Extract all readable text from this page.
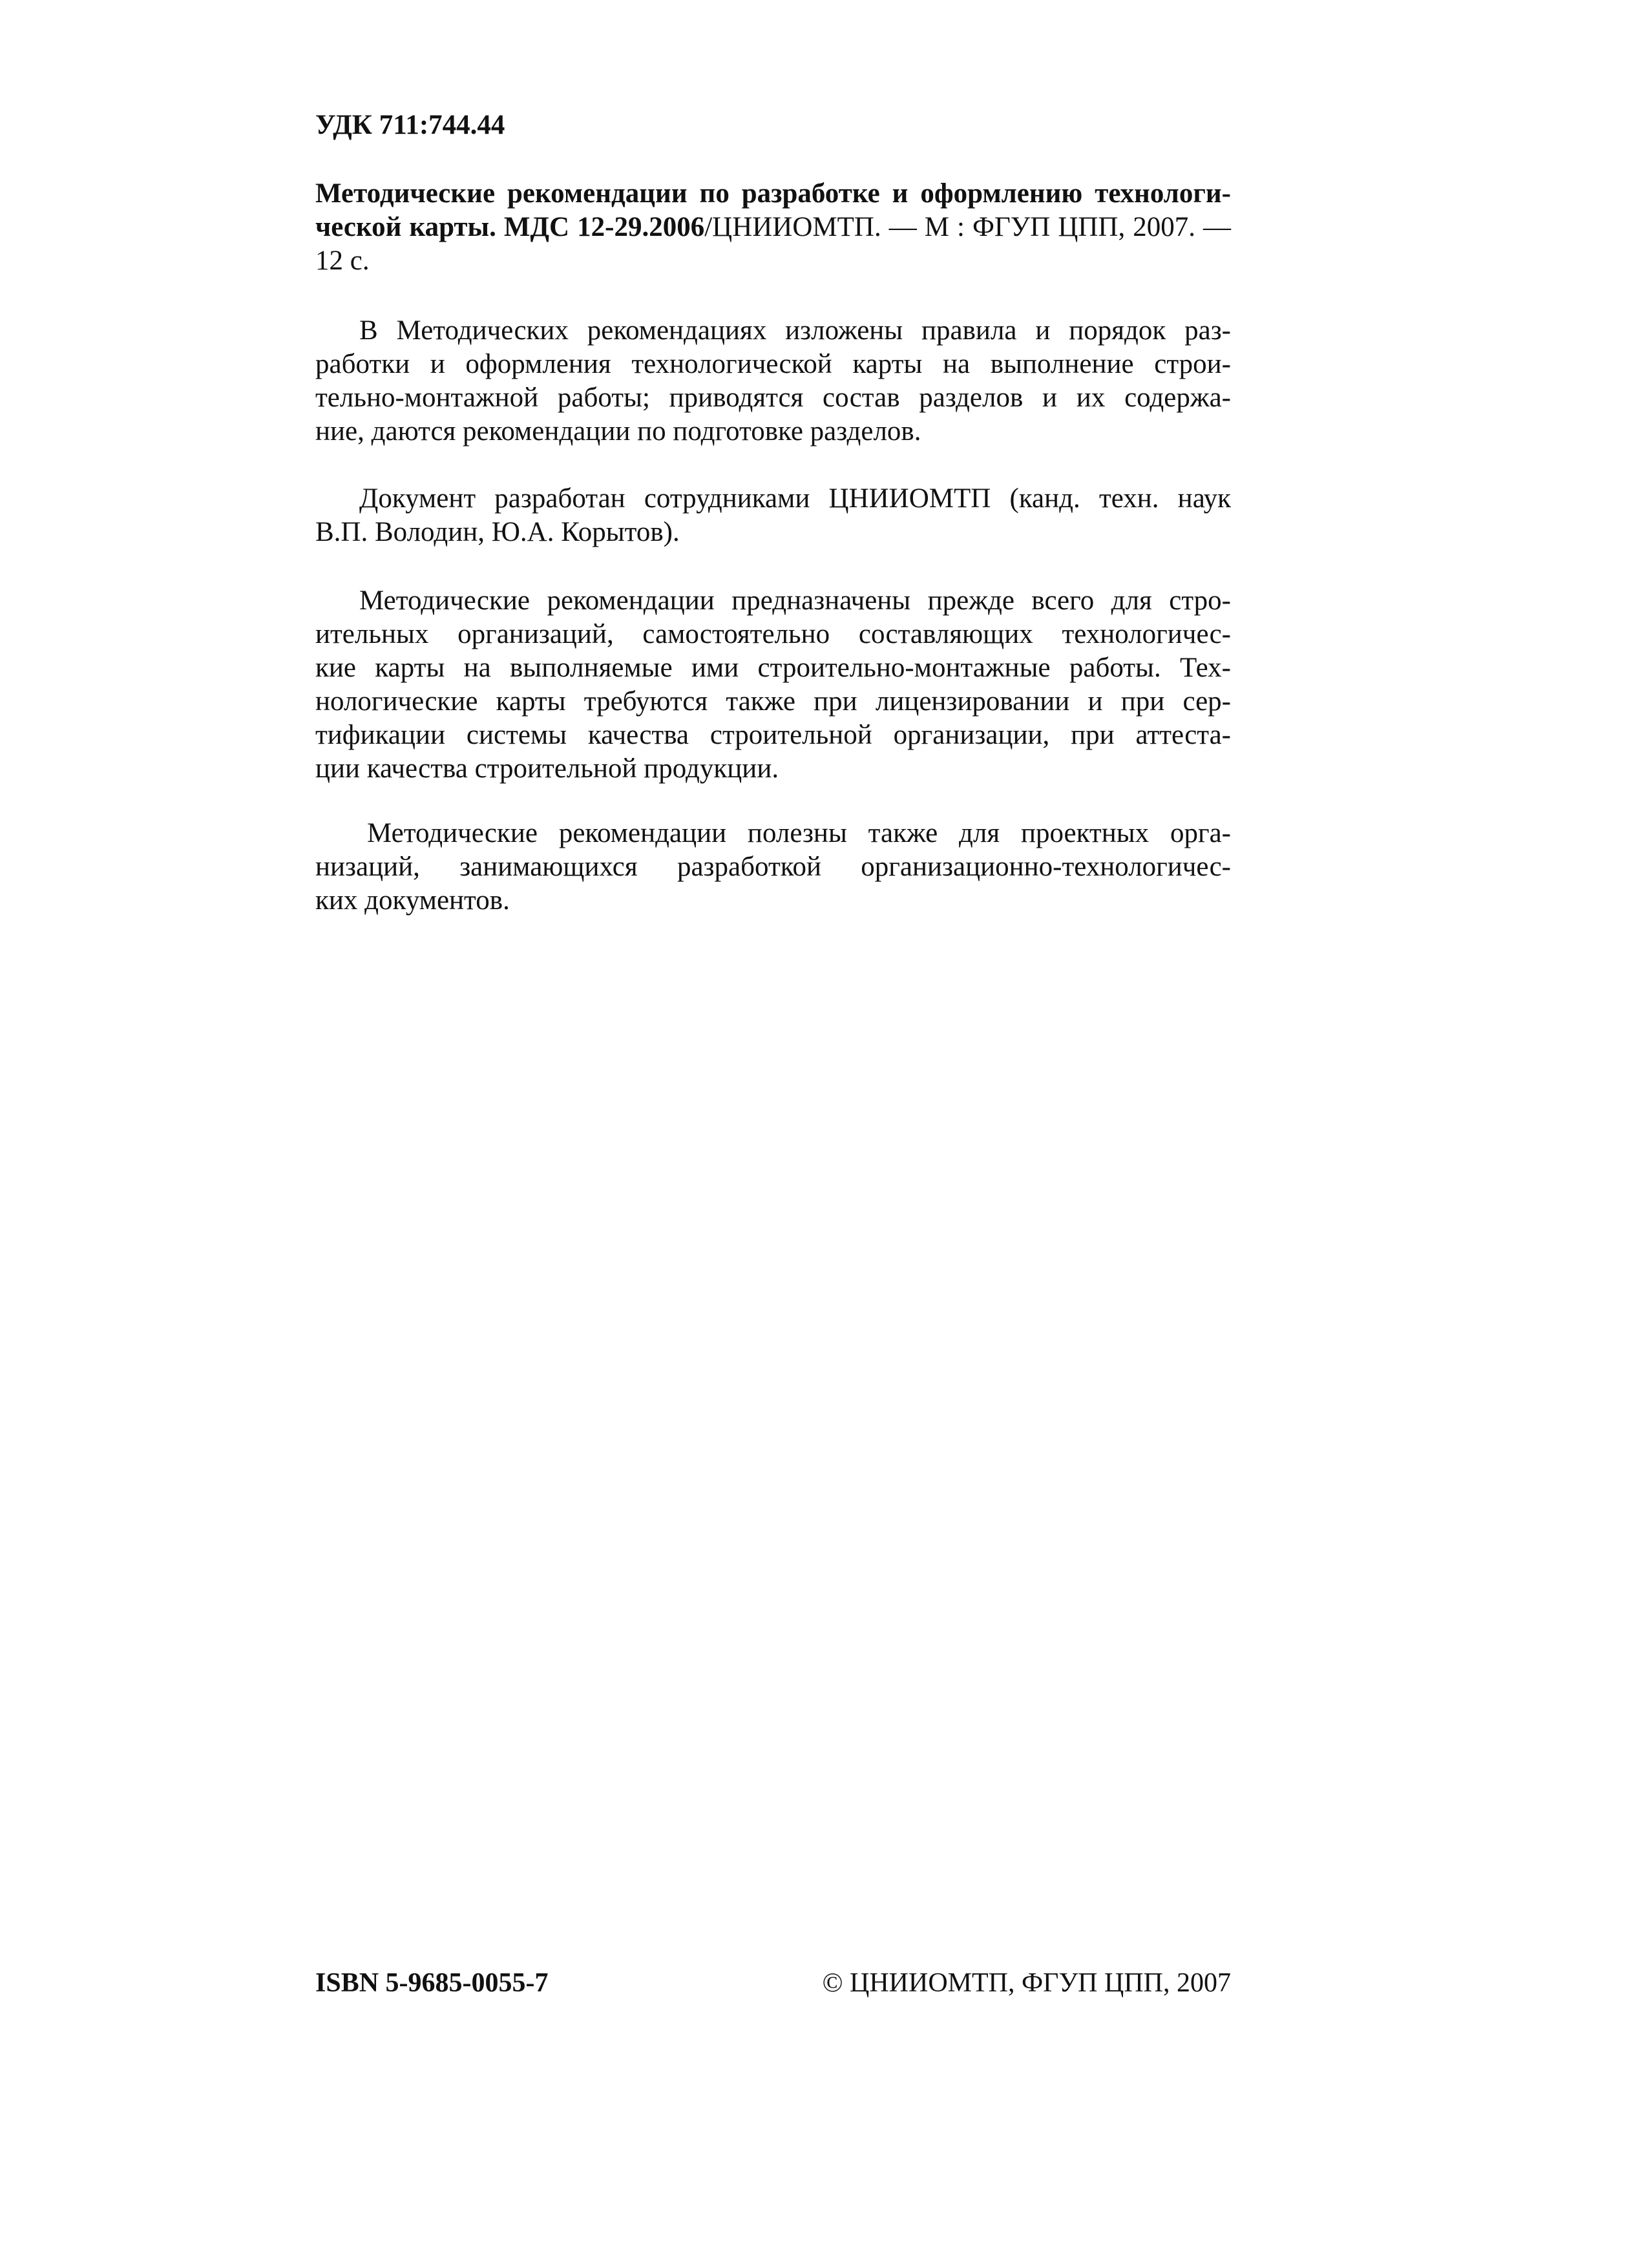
УДК 711:744.44
Методические рекомендации по разработке и оформлению технологи-
ческой карты. МДС 12-29.2006/ЦНИИОМТП. — М : ФГУП ЦПП, 2007. —
12 с.
В Методических рекомендациях изложены правила и порядок раз-
работки и оформления технологической карты на выполнение строи-
тельно-монтажной работы; приводятся состав разделов и их содержа-
ние, даются рекомендации по подготовке разделов.
Документ разработан сотрудниками ЦНИИОМТП (канд. техн. наук
В.П. Володин, Ю.А. Корытов).
Методические рекомендации предназначены прежде всего для стро-
ительных организаций, самостоятельно составляющих технологичес-
кие карты на выполняемые ими строительно-монтажные работы. Тех-
нологические карты требуются также при лицензировании и при сер-
тификации системы качества строительной организации, при аттеста-
ции качества строительной продукции.
Методические рекомендации полезны также для проектных орга-
низаций, занимающихся разработкой организационно-технологичес-
ких документов.
ISBN 5-9685-0055-7	© ЦНИИОМТП, ФГУП ЦПП, 2007
